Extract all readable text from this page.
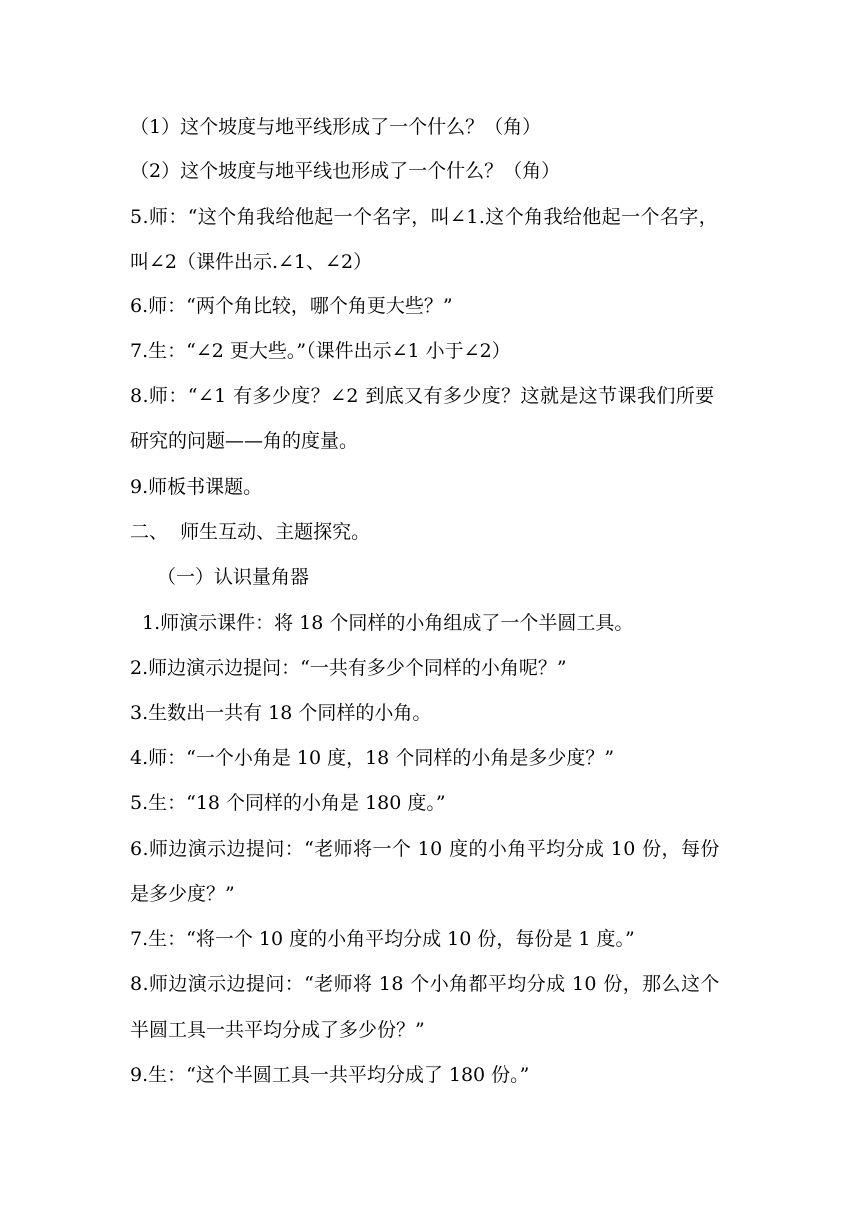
（1）这个坡度与地平线形成了一个什么？（角）
（2）这个坡度与地平线也形成了一个什么？（角）
5.师：“这个角我给他起一个名字，叫∠1.这个角我给他起一个名字，
叫∠2（课件出示.∠1、∠2）
6.师：“两个角比较，哪个角更大些？”
7.生：“∠2 更大些。”（课件出示∠1 小于∠2）
8.师：“∠1 有多少度？∠2 到底又有多少度？这就是这节课我们所要
研究的问题——角的度量。
9.师板书课题。
二、  师生互动、主题探究。
（一）认识量角器
1.师演示课件：将 18 个同样的小角组成了一个半圆工具。
2.师边演示边提问：“一共有多少个同样的小角呢？”
3.生数出一共有 18 个同样的小角。
4.师：“一个小角是 10 度，18 个同样的小角是多少度？”
5.生：“18 个同样的小角是 180 度。”
6.师边演示边提问：“老师将一个 10 度的小角平均分成 10 份，每份
是多少度？”
7.生：“将一个 10 度的小角平均分成 10 份，每份是 1 度。”
8.师边演示边提问：“老师将 18 个小角都平均分成 10 份，那么这个
半圆工具一共平均分成了多少份？”
9.生：“这个半圆工具一共平均分成了 180 份。”
